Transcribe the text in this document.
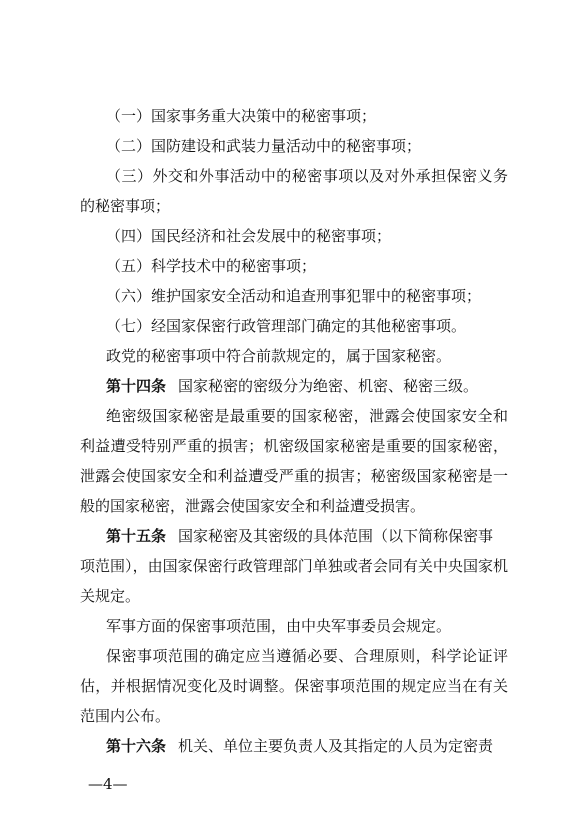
（一）国家事务重大决策中的秘密事项；
（二）国防建设和武装力量活动中的秘密事项；
（三）外交和外事活动中的秘密事项以及对外承担保密义务
的秘密事项；
（四）国民经济和社会发展中的秘密事项；
（五）科学技术中的秘密事项；
（六）维护国家安全活动和追查刑事犯罪中的秘密事项；
（七）经国家保密行政管理部门确定的其他秘密事项。
政党的秘密事项中符合前款规定的，属于国家秘密。
第十四条 国家秘密的密级分为绝密、机密、秘密三级。
绝密级国家秘密是最重要的国家秘密，泄露会使国家安全和
利益遭受特别严重的损害；机密级国家秘密是重要的国家秘密，
泄露会使国家安全和利益遭受严重的损害；秘密级国家秘密是一
般的国家秘密，泄露会使国家安全和利益遭受损害。
第十五条 国家秘密及其密级的具体范围（以下简称保密事
项范围），由国家保密行政管理部门单独或者会同有关中央国家机
关规定。
军事方面的保密事项范围，由中央军事委员会规定。
保密事项范围的确定应当遵循必要、合理原则，科学论证评
估，并根据情况变化及时调整。保密事项范围的规定应当在有关
范围内公布。
第十六条 机关、单位主要负责人及其指定的人员为定密责
—4—
